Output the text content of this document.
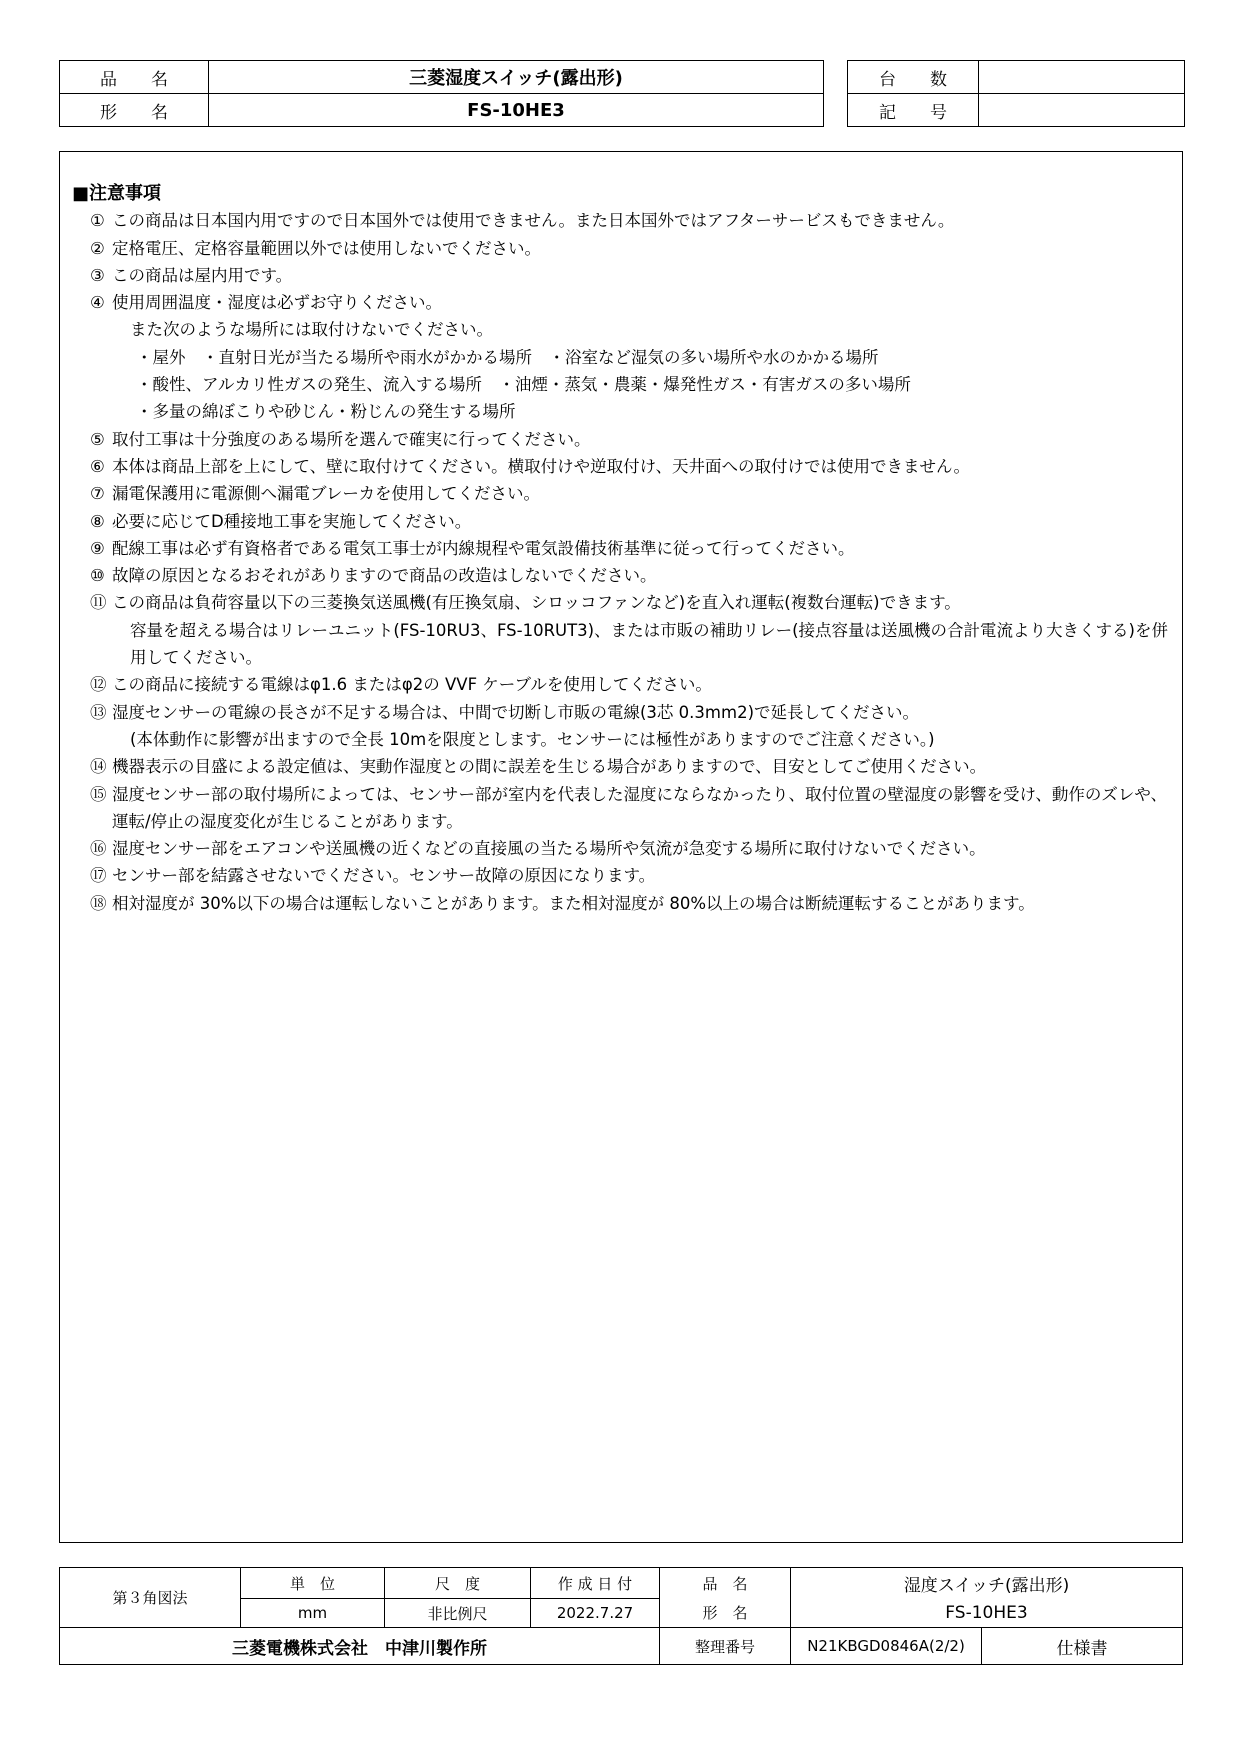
品　　名	三菱湿度スイッチ(露出形)
形　　名	FS-10HE3
台　　数	
記　　号	
■注意事項
① この商品は日本国内用ですので日本国外では使用できません。また日本国外ではアフターサービスもできません。
② 定格電圧、定格容量範囲以外では使用しないでください。
③ この商品は屋内用です。
④ 使用周囲温度・湿度は必ずお守りください。
また次のような場所には取付けないでください。
・屋外　・直射日光が当たる場所や雨水がかかる場所　・浴室など湿気の多い場所や水のかかる場所
・酸性、アルカリ性ガスの発生、流入する場所　・油煙・蒸気・農薬・爆発性ガス・有害ガスの多い場所
・多量の綿ぼこりや砂じん・粉じんの発生する場所
⑤ 取付工事は十分強度のある場所を選んで確実に行ってください。
⑥ 本体は商品上部を上にして、壁に取付けてください。横取付けや逆取付け、天井面への取付けでは使用できません。
⑦ 漏電保護用に電源側へ漏電ブレーカを使用してください。
⑧ 必要に応じてD種接地工事を実施してください。
⑨ 配線工事は必ず有資格者である電気工事士が内線規程や電気設備技術基準に従って行ってください。
⑩ 故障の原因となるおそれがありますので商品の改造はしないでください。
⑪ この商品は負荷容量以下の三菱換気送風機(有圧換気扇、シロッコファンなど)を直入れ運転(複数台運転)できます。
容量を超える場合はリレーユニット(FS-10RU3、FS-10RUT3)、または市販の補助リレー(接点容量は送風機の合計電流より大きくする)を併用してください。
⑫ この商品に接続する電線はφ1.6 またはφ2の VVF ケーブルを使用してください。
⑬ 湿度センサーの電線の長さが不足する場合は、中間で切断し市販の電線(3芯 0.3mm2)で延長してください。
(本体動作に影響が出ますので全長 10mを限度とします。センサーには極性がありますのでご注意ください。)
⑭ 機器表示の目盛による設定値は、実動作湿度との間に誤差を生じる場合がありますので、目安としてご使用ください。
⑮ 湿度センサー部の取付場所によっては、センサー部が室内を代表した湿度にならなかったり、取付位置の壁湿度の影響を受け、動作のズレや、運転/停止の湿度変化が生じることがあります。
⑯ 湿度センサー部をエアコンや送風機の近くなどの直接風の当たる場所や気流が急変する場所に取付けないでください。
⑰ センサー部を結露させないでください。センサー故障の原因になります。
⑱ 相対湿度が 30%以下の場合は運転しないことがあります。また相対湿度が 80%以上の場合は断続運転することがあります。
第３角図法	単　位	尺　度	作 成 日 付	品　名	湿度スイッチ(露出形)	
	mm	非比例尺	2022.7.27	形　名	FS-10HE3	
三菱電機株式会社　中津川製作所				整理番号	N21KBGD0846A(2/2)	仕様書
